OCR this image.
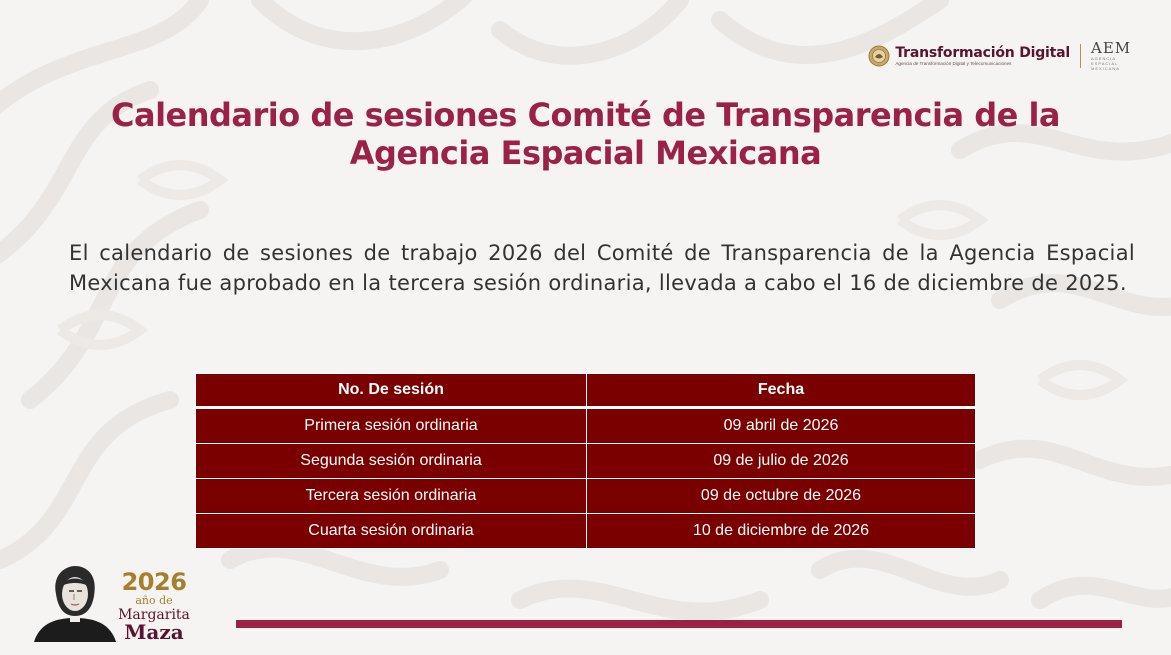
Transformación Digital
Agencia de Transformación Digital y Telecomunicaciones
AEM
AGENCIA ESPACIAL MEXICANA
Calendario de sesiones Comité de Transparencia de la
Agencia Espacial Mexicana

El calendario de sesiones de trabajo 2026 del Comité de Transparencia de la Agencia Espacial Mexicana fue aprobado en la tercera sesión ordinaria, llevada a cabo el 16 de diciembre de 2025.

No. De sesión	Fecha
Primera sesión ordinaria	09 abril de 2026
Segunda sesión ordinaria	09 de julio de 2026
Tercera sesión ordinaria	09 de octubre de 2026
Cuarta sesión ordinaria	10 de diciembre de 2026
2026
año de
Margarita
Maza
